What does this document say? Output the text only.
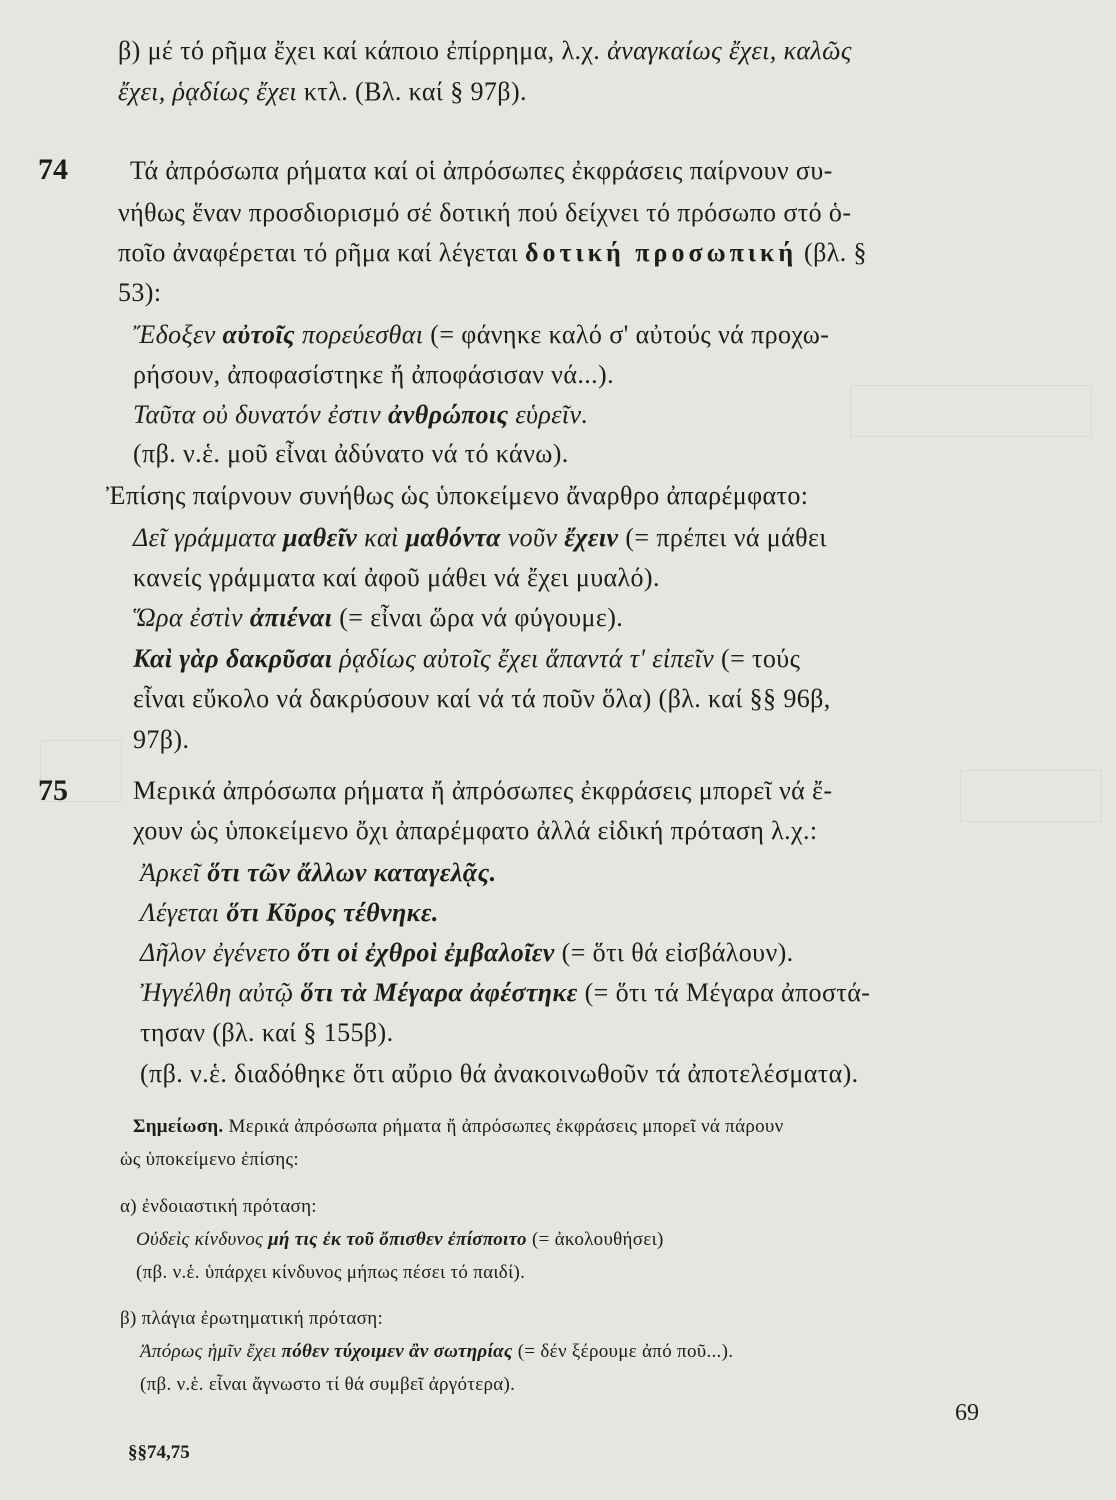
β) μέ τό ρῆμα ἔχει καί κάποιο ἐπίρρημα, λ.χ. ἀναγκαίως ἔχει, καλῶς
ἔχει, ῥᾳδίως ἔχει κτλ. (Βλ. καί § 97β).
74 Τά ἀπρόσωπα ρήματα καί οἱ ἀπρόσωπες ἐκφράσεις παίρνουν συ-
νήθως ἕναν προσδιορισμό σέ δοτική πού δείχνει τό πρόσωπο στό ὁ-
ποῖο ἀναφέρεται τό ρῆμα καί λέγεται δοτική προσωπική (βλ. §
53):
Ἔδοξεν αὐτοῖς πορεύεσθαι (= φάνηκε καλό σ' αὐτούς νά προχω-
ρήσουν, ἀποφασίστηκε ἤ ἀποφάσισαν νά...).
Ταῦτα οὐ δυνατόν ἐστιν ἀνθρώποις εὑρεῖν.
(πβ. ν.ἑ. μοῦ εἶναι ἀδύνατο νά τό κάνω).
Ἐπίσης παίρνουν συνήθως ὡς ὑποκείμενο ἄναρθρο ἀπαρέμφατο:
Δεῖ γράμματα μαθεῖν καὶ μαθόντα νοῦν ἔχειν (= πρέπει νά μάθει
κανείς γράμματα καί ἀφοῦ μάθει νά ἔχει μυαλό).
Ὥρα ἐστὶν ἀπιέναι (= εἶναι ὥρα νά φύγουμε).
Καὶ γὰρ δακρῦσαι ῥᾳδίως αὐτοῖς ἔχει ἅπαντά τ' εἰπεῖν (= τούς
εἶναι εὔκολο νά δακρύσουν καί νά τά ποῦν ὅλα) (βλ. καί §§ 96β,
97β).
75	Μερικά ἀπρόσωπα ρήματα ἤ ἀπρόσωπες ἐκφράσεις μπορεῖ νά ἔ-
χουν ὡς ὑποκείμενο ὄχι ἀπαρέμφατο ἀλλά εἰδική πρόταση λ.χ.:
Ἀρκεῖ ὅτι τῶν ἄλλων καταγελᾷς.
Λέγεται ὅτι Κῦρος τέθνηκε.
Δῆλον ἐγένετο ὅτι οἱ ἐχθροὶ ἐμβαλοῖεν (= ὅτι θά εἰσβάλουν).
Ἠγγέλθη αὐτῷ ὅτι τὰ Μέγαρα ἀφέστηκε (= ὅτι τά Μέγαρα ἀποστά-
τησαν (βλ. καί § 155β).
(πβ. ν.ἑ. διαδόθηκε ὅτι αὔριο θά ἀνακοινωθοῦν τά ἀποτελέσματα).
Σημείωση. Μερικά ἀπρόσωπα ρήματα ἤ ἀπρόσωπες ἐκφράσεις μπορεῖ νά πάρουν
ὡς ὑποκείμενο ἐπίσης:
α) ἐνδοιαστική πρόταση:
Οὐδεὶς κίνδυνος μή τις ἐκ τοῦ ὄπισθεν ἐπίσποιτο (= ἀκολουθήσει)
(πβ. ν.ἑ. ὑπάρχει κίνδυνος μήπως πέσει τό παιδί).
β) πλάγια ἐρωτηματική πρόταση:
Ἀπόρως ἡμῖν ἔχει πόθεν τύχοιμεν ἂν σωτηρίας (= δέν ξέρουμε ἀπό ποῦ...).
(πβ. ν.ἑ. εἶναι ἄγνωστο τί θά συμβεῖ ἀργότερα).
§§74,75
69
